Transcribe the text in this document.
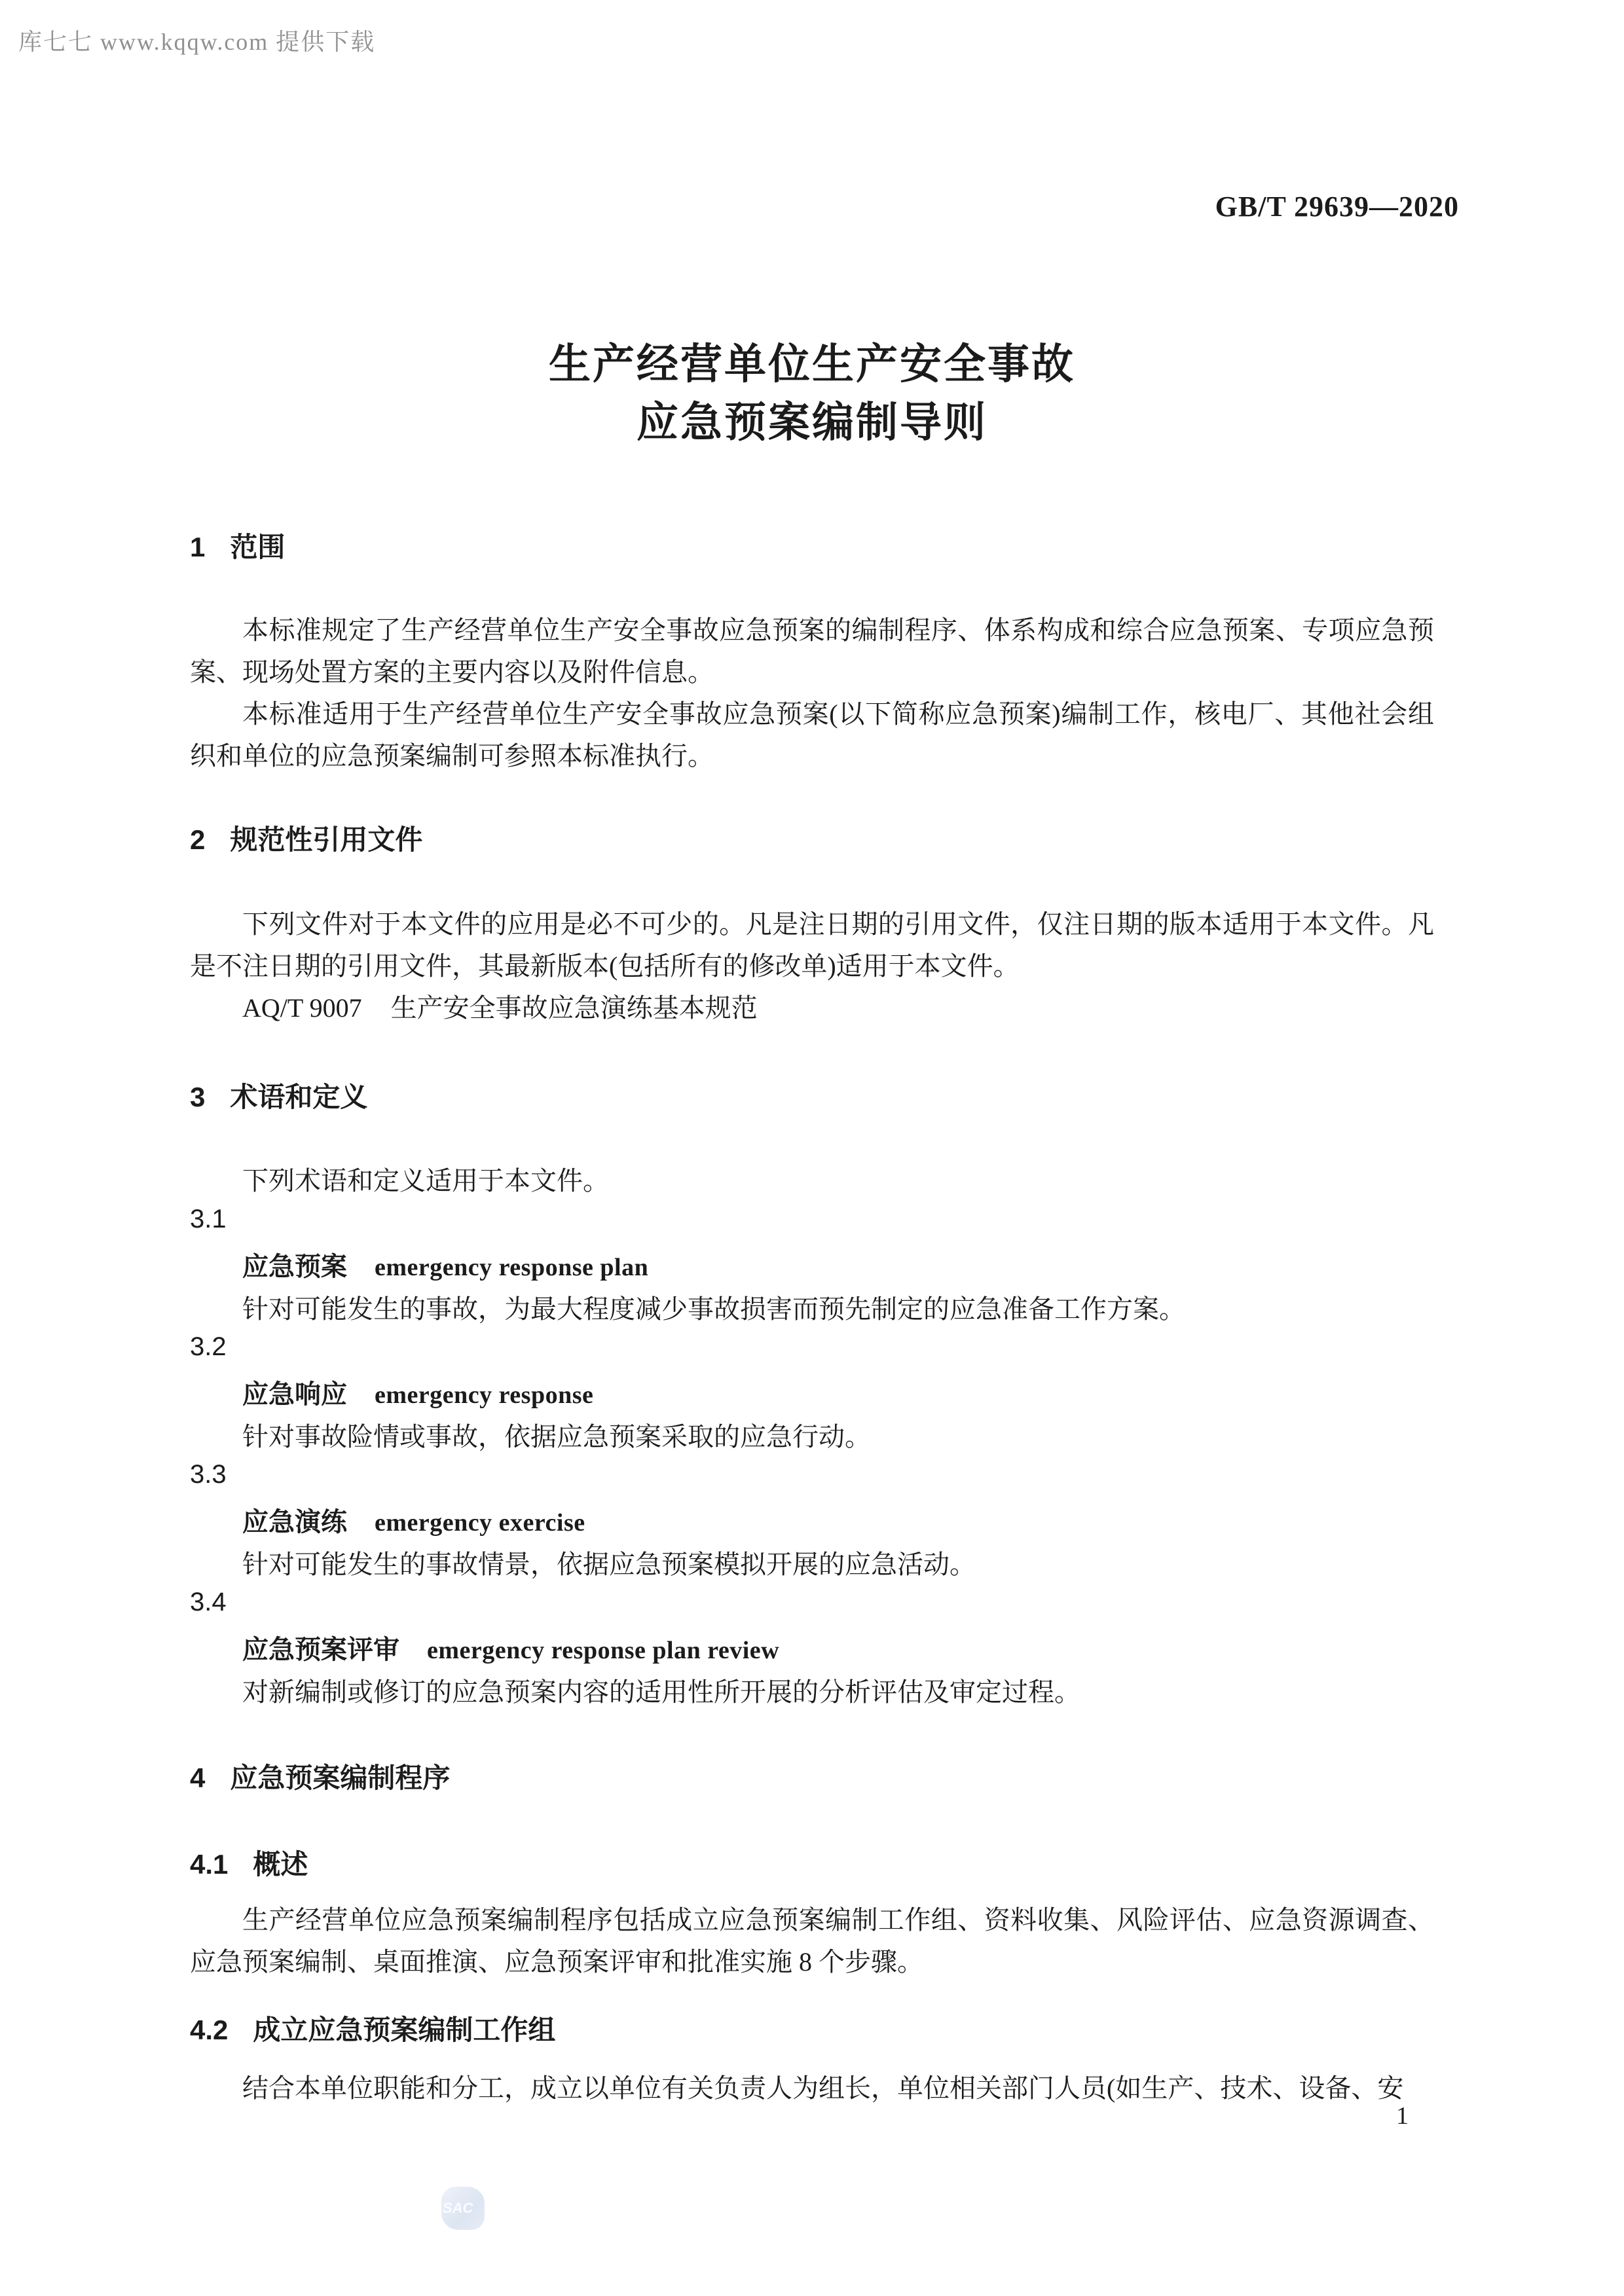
库七七 www.kqqw.com 提供下载
GB/T 29639—2020
生产经营单位生产安全事故
应急预案编制导则
1 范围
本标准规定了生产经营单位生产安全事故应急预案的编制程序、体系构成和综合应急预案、专项应急预案、现场处置方案的主要内容以及附件信息。
本标准适用于生产经营单位生产安全事故应急预案(以下简称应急预案)编制工作，核电厂、其他社会组织和单位的应急预案编制可参照本标准执行。
2 规范性引用文件
下列文件对于本文件的应用是必不可少的。凡是注日期的引用文件，仅注日期的版本适用于本文件。凡是不注日期的引用文件，其最新版本(包括所有的修改单)适用于本文件。
AQ/T 9007 生产安全事故应急演练基本规范
3 术语和定义
下列术语和定义适用于本文件。
3.1
应急预案 emergency response plan
针对可能发生的事故，为最大程度减少事故损害而预先制定的应急准备工作方案。
3.2
应急响应 emergency response
针对事故险情或事故，依据应急预案采取的应急行动。
3.3
应急演练 emergency exercise
针对可能发生的事故情景，依据应急预案模拟开展的应急活动。
3.4
应急预案评审 emergency response plan review
对新编制或修订的应急预案内容的适用性所开展的分析评估及审定过程。
4 应急预案编制程序
4.1 概述
生产经营单位应急预案编制程序包括成立应急预案编制工作组、资料收集、风险评估、应急资源调查、应急预案编制、桌面推演、应急预案评审和批准实施 8 个步骤。
4.2 成立应急预案编制工作组
结合本单位职能和分工，成立以单位有关负责人为组长，单位相关部门人员(如生产、技术、设备、安
1
SAC
